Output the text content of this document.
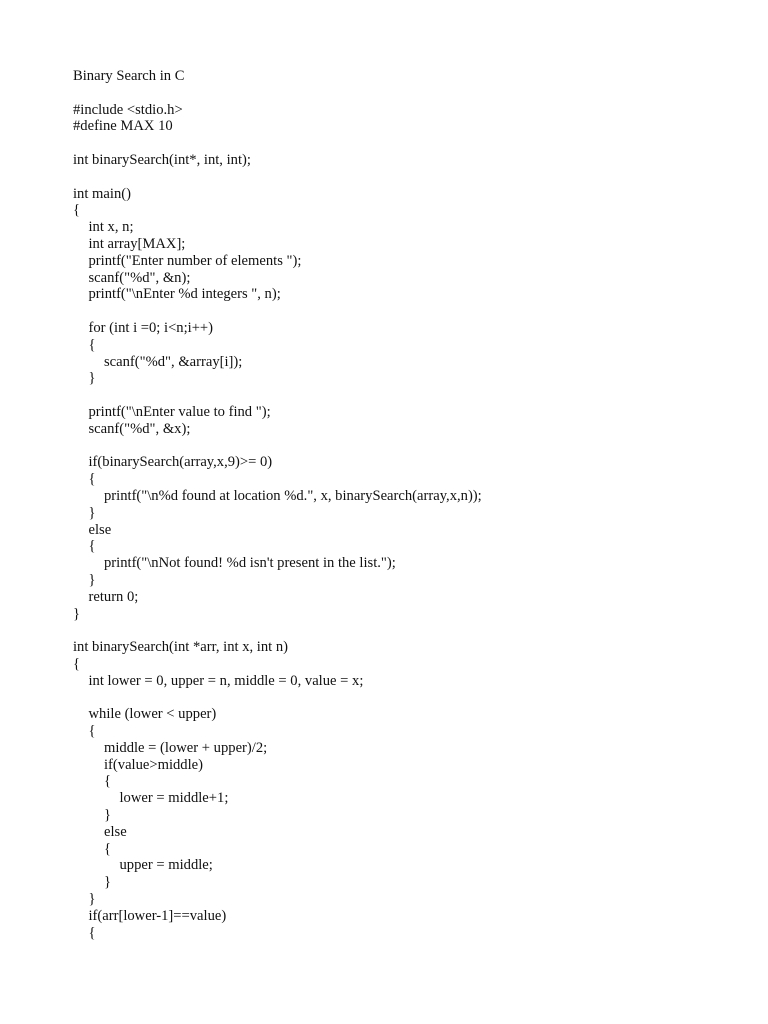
Binary Search in C
#include <stdio.h>
#define MAX 10
int binarySearch(int*, int, int);
int main()
{
int x, n;
int array[MAX];
printf("Enter number of elements ");
scanf("%d", &n);
printf("\nEnter %d integers ", n);
for (int i =0; i<n;i++)
{
scanf("%d", &array[i]);
}
printf("\nEnter value to find ");
scanf("%d", &x);
if(binarySearch(array,x,9)>= 0)
{
printf("\n%d found at location %d.", x, binarySearch(array,x,n));
}
else
{
printf("\nNot found! %d isn't present in the list.");
}
return 0;
}
int binarySearch(int *arr, int x, int n)
{
int lower = 0, upper = n, middle = 0, value = x;
while (lower < upper)
{
middle = (lower + upper)/2;
if(value>middle)
{
lower = middle+1;
}
else
{
upper = middle;
}
}
if(arr[lower-1]==value)
{
